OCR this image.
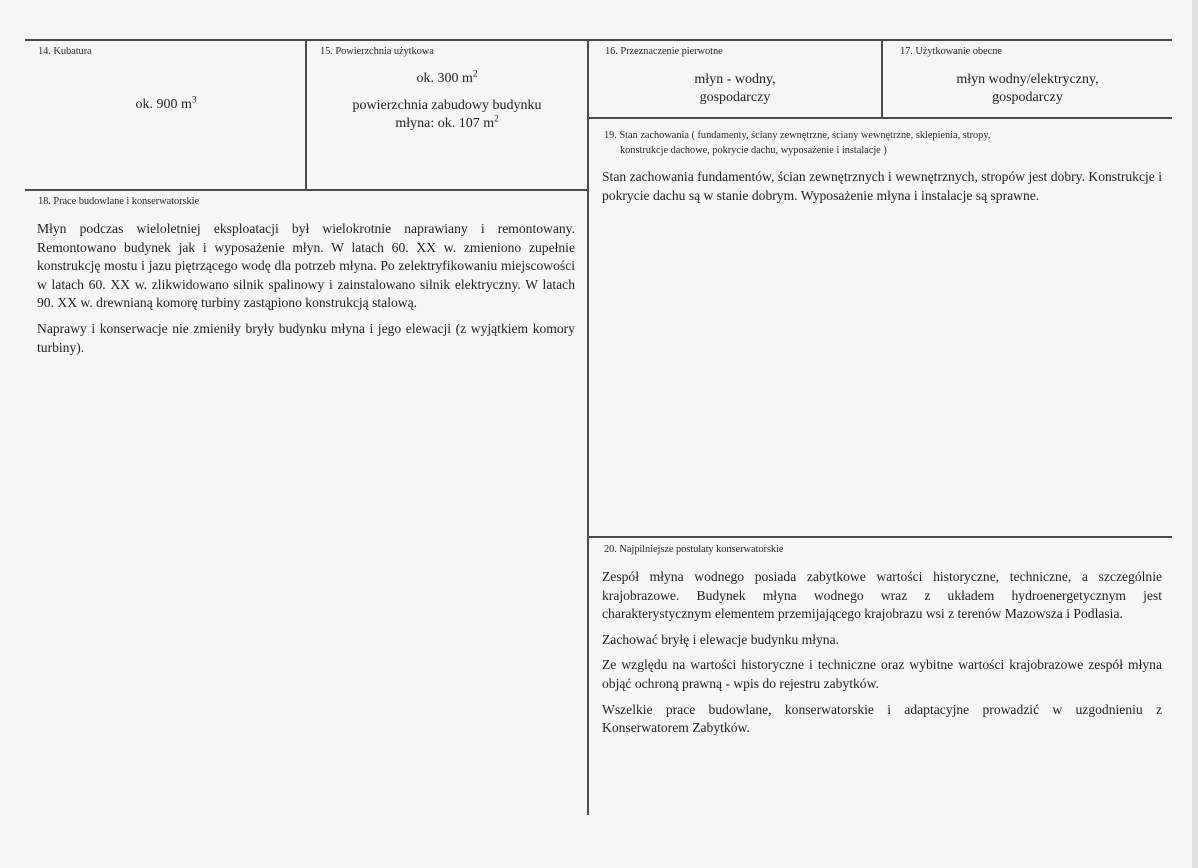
14. Kubatura
ok. 900 $m^3$
15. Powierzchnia użytkowa
ok. 300 $m^2$
powierzchnia zabudowy budynku
młyna: ok. 107 $m^2$
16. Przeznaczenie pierwotne
młyn - wodny,
gospodarczy
17. Użytkowanie obecne
młyn wodny/elektryczny,
gospodarczy
18. Prace budowlane i konserwatorskie

Młyn podczas wieloletniej eksploatacji był wielokrotnie naprawiany i remontowany. Remontowano budynek jak i wyposażenie młyn. W latach 60. XX w. zmieniono zupełnie konstrukcję mostu i jazu piętrzącego wodę dla potrzeb młyna. Po zelektryfikowaniu miejscowości w latach 60. XX w. zlikwidowano silnik spalinowy i zainstalowano silnik elektryczny. W latach 90. XX w. drewnianą komorę turbiny zastąpiono konstrukcją stalową.

Naprawy i konserwacje nie zmieniły bryły budynku młyna i jego elewacji (z wyjątkiem komory turbiny).

19. Stan zachowania ( fundamenty, ściany zewnętrzne, ściany wewnętrzne, sklepienia, stropy,
konstrukcje dachowe, pokrycie dachu, wyposażenie i instalacje )

Stan zachowania fundamentów, ścian zewnętrznych i wewnętrznych, stropów jest dobry. Konstrukcje i pokrycie dachu są w stanie dobrym. Wyposażenie młyna i instalacje są sprawne.

20. Najpilniejsze postulaty konserwatorskie

Zespół młyna wodnego posiada zabytkowe wartości historyczne, techniczne, a szczególnie krajobrazowe. Budynek młyna wodnego wraz z układem hydroenergetycznym jest charakterystycznym elementem przemijającego krajobrazu wsi z terenów Mazowsza i Podlasia.

Zachować bryłę i elewacje budynku młyna.

Ze względu na wartości historyczne i techniczne oraz wybitne wartości krajobrazowe zespół młyna objąć ochroną prawną - wpis do rejestru zabytków.

Wszelkie prace budowlane, konserwatorskie i adaptacyjne prowadzić w uzgodnieniu z Konserwatorem Zabytków.
